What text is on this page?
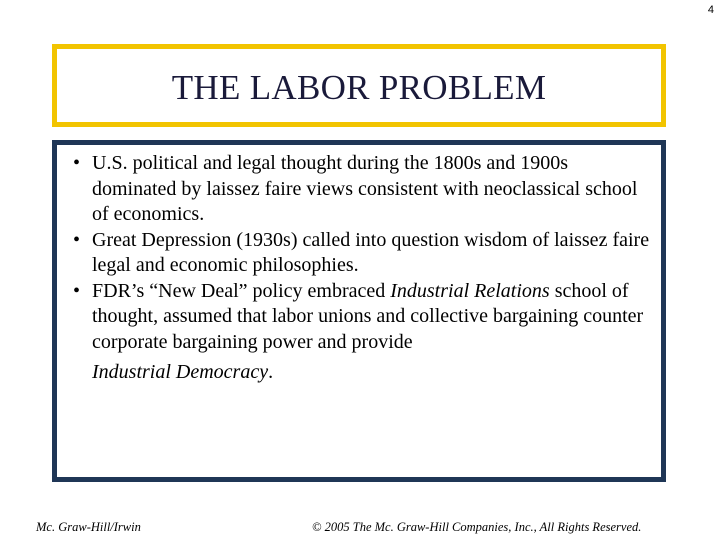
4
THE LABOR PROBLEM
• U.S. political and legal thought during the 1800s and 1900s dominated by laissez faire views consistent with neoclassical school of economics.
• Great Depression (1930s) called into question wisdom of laissez faire legal and economic philosophies.
• FDR’s “New Deal” policy embraced Industrial Relations school of thought, assumed that labor unions and collective bargaining counter corporate bargaining power and provide
Industrial Democracy.
Mc. Graw-Hill/Irwin	© 2005 The Mc. Graw-Hill Companies, Inc., All Rights Reserved.
